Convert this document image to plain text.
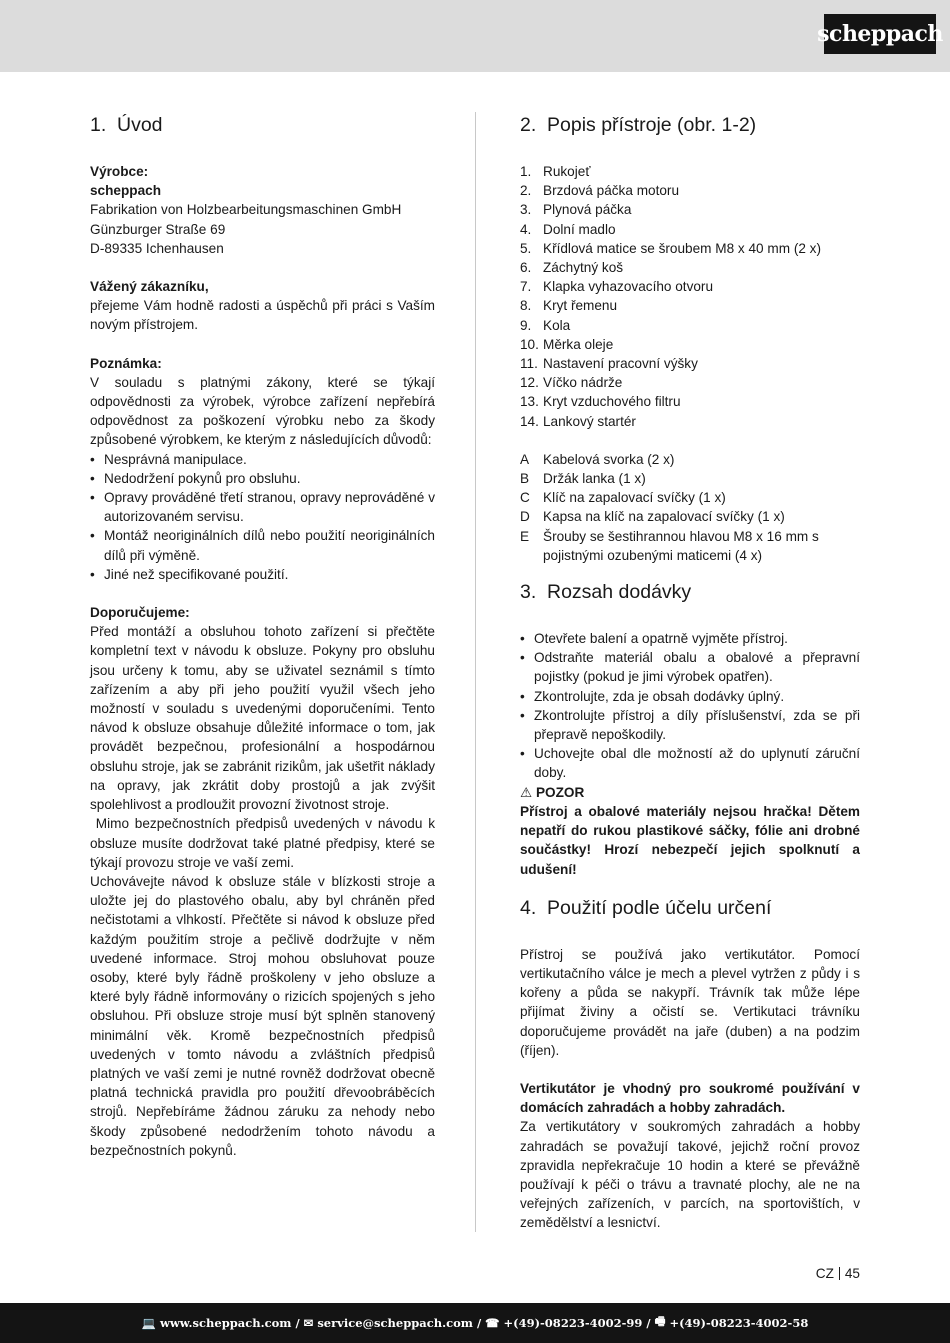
scheppach
1. Úvod

Výrobce:

scheppach

Fabrikation von Holzbearbeitungsmaschinen GmbH

Günzburger Straße 69

D-89335 Ichenhausen

Vážený zákazníku,

přejeme Vám hodně radosti a úspěchů při práci s Vaším novým přístrojem.

Poznámka:

V souladu s platnými zákony, které se týkají odpovědnosti za výrobek, výrobce zařízení nepřebírá odpovědnost za poškození výrobku nebo za škody způsobené výrobkem, ke kterým z následujících důvodů:

• Nesprávná manipulace.
• Nedodržení pokynů pro obsluhu.
• Opravy prováděné třetí stranou, opravy neprováděné v autorizovaném servisu.
• Montáž neoriginálních dílů nebo použití neoriginálních dílů při výměně.
• Jiné než specifikované použití.

Doporučujeme:

Před montáží a obsluhou tohoto zařízení si přečtěte kompletní text v návodu k obsluze. Pokyny pro obsluhu jsou určeny k tomu, aby se uživatel seznámil s tímto zařízením a aby při jeho použití využil všech jeho možností v souladu s uvedenými doporučeními. Tento návod k obsluze obsahuje důležité informace o tom, jak provádět bezpečnou, profesionální a hospodárnou obsluhu stroje, jak se zabránit rizikům, jak ušetřit náklady na opravy, jak zkrátit doby prostojů a jak zvýšit spolehlivost a prodloužit provozní životnost stroje.

Mimo bezpečnostních předpisů uvedených v návodu k obsluze musíte dodržovat také platné předpisy, které se týkají provozu stroje ve vaší zemi.

Uchovávejte návod k obsluze stále v blízkosti stroje a uložte jej do plastového obalu, aby byl chráněn před nečistotami a vlhkostí. Přečtěte si návod k obsluze před každým použitím stroje a pečlivě dodržujte v něm uvedené informace. Stroj mohou obsluhovat pouze osoby, které byly řádně proškoleny v jeho obsluze a které byly řádně informovány o rizicích spojených s jeho obsluhou. Při obsluze stroje musí být splněn stanovený minimální věk. Kromě bezpečnostních předpisů uvedených v tomto návodu a zvláštních předpisů platných ve vaší zemi je nutné rovněž dodržovat obecně platná technická pravidla pro použití dřevoobráběcích strojů. Nepřebíráme žádnou záruku za nehody nebo škody způsobené nedodržením tohoto návodu a bezpečnostních pokynů.

2. Popis přístroje (obr. 1-2)
1. Rukojeť
2. Brzdová páčka motoru
3. Plynová páčka
4. Dolní madlo
5. Křídlová matice se šroubem M8 x 40 mm (2 x)
6. Záchytný koš
7. Klapka vyhazovacího otvoru
8. Kryt řemenu
9. Kola
10. Měrka oleje
11. Nastavení pracovní výšky
12. Víčko nádrže
13. Kryt vzduchového filtru
14. Lankový startér
A Kabelová svorka (2 x)
B Držák lanka (1 x)
C Klíč na zapalovací svíčky (1 x)
D Kapsa na klíč na zapalovací svíčky (1 x)
E Šrouby se šestihrannou hlavou M8 x 16 mm s pojistnými ozubenými maticemi (4 x)
3. Rozsah dodávky
• Otevřete balení a opatrně vyjměte přístroj.
• Odstraňte materiál obalu a obalové a přepravní pojistky (pokud je jimi výrobek opatřen).
• Zkontrolujte, zda je obsah dodávky úplný.
• Zkontrolujte přístroj a díly příslušenství, zda se při přepravě nepoškodily.
• Uchovejte obal dle možností až do uplynutí záruční doby.

⚠ POZOR

Přístroj a obalové materiály nejsou hračka! Dětem nepatří do rukou plastikové sáčky, fólie ani drobné součástky! Hrozí nebezpečí jejich spolknutí a udušení!

4. Použití podle účelu určení

Přístroj se používá jako vertikutátor. Pomocí vertikutačního válce je mech a plevel vytržen z půdy i s kořeny a půda se nakypří. Trávník tak může lépe přijímat živiny a očistí se. Vertikutaci trávníku doporučujeme provádět na jaře (duben) a na podzim (říjen).

Vertikutátor je vhodný pro soukromé používání v domácích zahradách a hobby zahradách.

Za vertikutátory v soukromých zahradách a hobby zahradách se považují takové, jejichž roční provoz zpravidla nepřekračuje 10 hodin a které se převážně používají k péči o trávu a travnaté plochy, ale ne na veřejných zařízeních, v parcích, na sportovištích, v zemědělství a lesnictví.

CZ 45
💻
www.scheppach.com / ✉
service@scheppach.com / ☎
+(49)-08223-4002-99 / 🖷
+(49)-08223-4002-58
